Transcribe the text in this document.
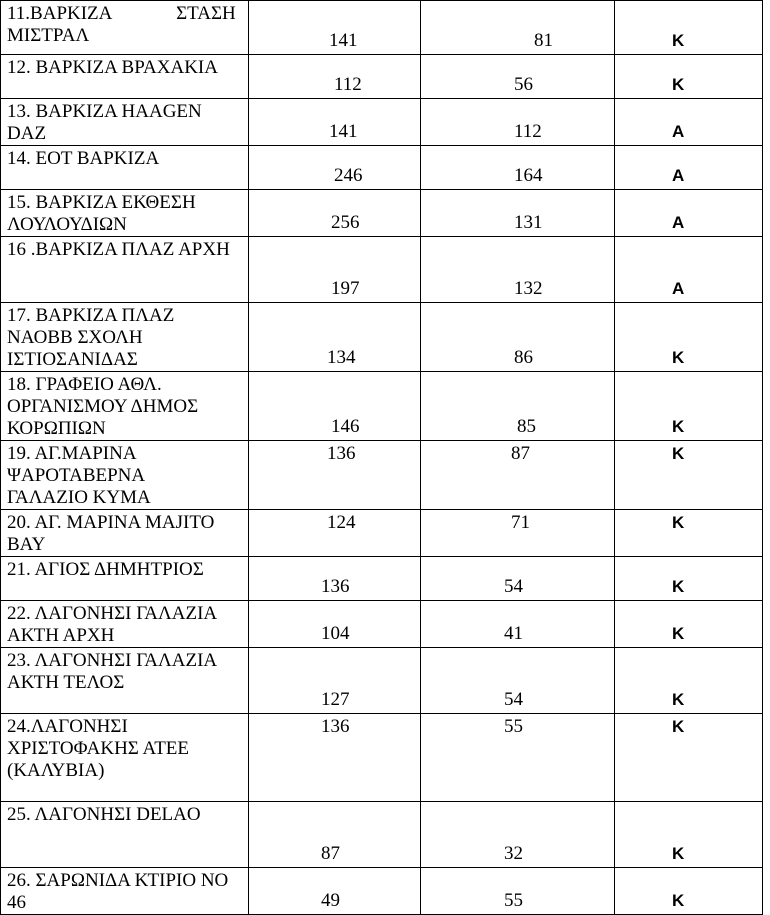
11.ΒΑΡΚΙΖΑ ΣΤΑΣΗ
ΜΙΣΤΡΑΛ	141	81	Κ

12. ΒΑΡΚΙΖΑ ΒΡΑΧΑΚΙΑ	112	56	Κ

13. ΒΑΡΚΙΖΑ ΗΑΑGEN
DAZ	141	112	Α

14. ΕΟΤ ΒΑΡΚΙΖΑ	246	164	Α

15. ΒΑΡΚΙΖΑ ΕΚΘΕΣΗ
ΛΟΥΛΟΥΔΙΩΝ	256	131	Α

16 .ΒΑΡΚΙΖΑ ΠΛΑΖ ΑΡΧΗ	197	132	Α

17. ΒΑΡΚΙΖΑ ΠΛΑΖ
ΝΑΟΒΒ ΣΧΟΛΗ
ΙΣΤΙΟΣΑΝΙΔΑΣ	134	86	Κ

18. ΓΡΑΦΕΙΟ ΑΘΛ.
ΟΡΓΑΝΙΣΜΟΥ ΔΗΜΟΣ
ΚΟΡΩΠΙΩΝ	146	85	Κ

19. ΑΓ.ΜΑΡΙΝΑ
ΨΑΡΟΤΑΒΕΡΝΑ
ΓΑΛΑΖΙΟ ΚΥΜΑ	136	87	Κ

20. ΑΓ. ΜΑΡΙΝΑ ΜΑJΙΤΟ
BAY	124	71	Κ

21. ΑΓΙΟΣ ΔΗΜΗΤΡΙΟΣ	136	54	Κ

22. ΛΑΓΟΝΗΣΙ ΓΑΛΑΖΙΑ
ΑΚΤΗ ΑΡΧΗ	104	41	Κ

23. ΛΑΓΟΝΗΣΙ ΓΑΛΑΖΙΑ
ΑΚΤΗ ΤΕΛΟΣ	127	54	Κ

24.ΛΑΓΟΝΗΣΙ
ΧΡΙΣΤΟΦΑΚΗΣ ΑΤΕΕ
(ΚΑΛΥΒΙΑ)	136	55	Κ

25. ΛΑΓΟΝΗΣΙ DELAO	87	32	Κ

26. ΣΑΡΩΝΙΔΑ ΚΤΙΡΙΟ ΝΟ
46	49	55	Κ
